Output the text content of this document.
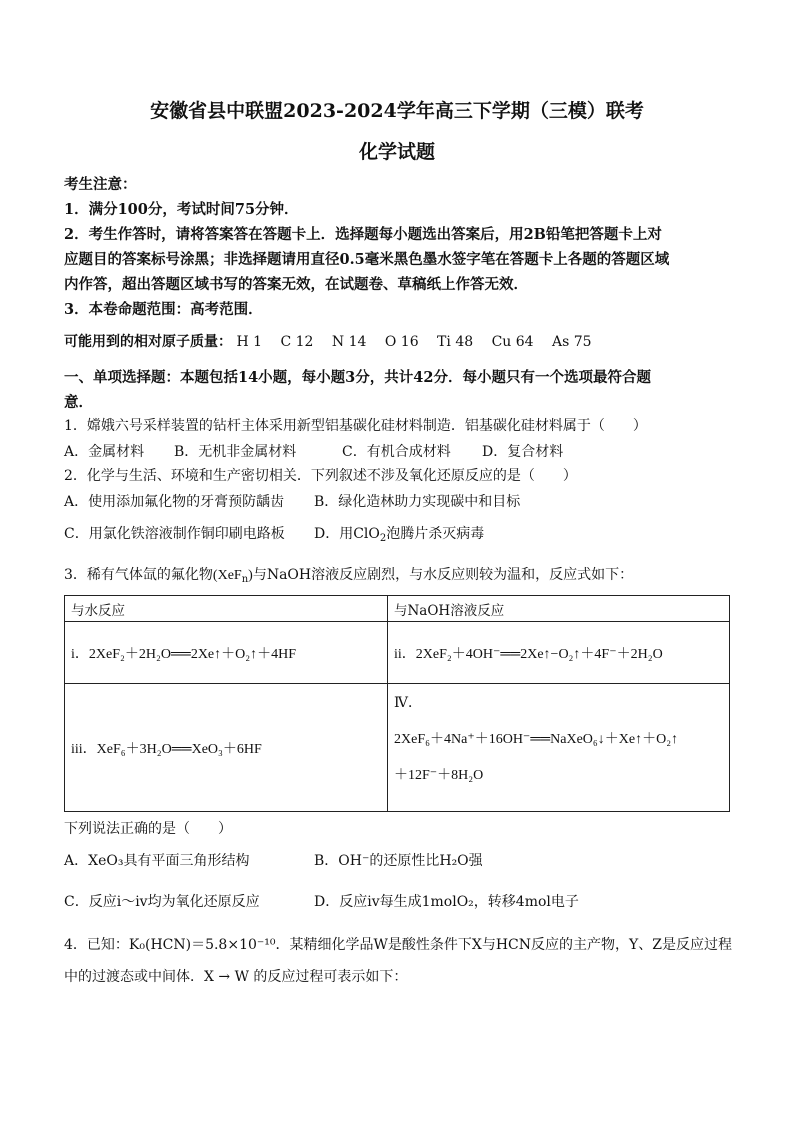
安徽省县中联盟2023-2024学年高三下学期（三模）联考
化学试题
考生注意：
1．满分100分，考试时间75分钟．
2．考生作答时，请将答案答在答题卡上．选择题每小题选出答案后，用2B铅笔把答题卡上对
应题目的答案标号涂黑；非选择题请用直径0.5毫米黑色墨水签字笔在答题卡上各题的答题区域
内作答，超出答题区域书写的答案无效，在试题卷、草稿纸上作答无效．
3．本卷命题范围：高考范围．
可能用到的相对原子质量： H 1　 C 12　 N 14　 O 16　 Ti 48　 Cu 64　 As 75
一、单项选择题：本题包括14小题，每小题3分，共计42分．每小题只有一个选项最符合题
意．
1．嫦娥六号采样装置的钻杆主体采用新型铝基碳化硅材料制造．铝基碳化硅材料属于（　　）
A．金属材料 B．无机非金属材料	C．有机合成材料 D．复合材料
2．化学与生活、环境和生产密切相关．下列叙述不涉及氧化还原反应的是（　　）
A．使用添加氟化物的牙膏预防龋齿 B．绿化造林助力实现碳中和目标
C．用氯化铁溶液制作铜印刷电路板 D．用ClO$_2$泡腾片杀灭病毒
3．稀有气体氙的氟化物(XeF$_n$)与NaOH溶液反应剧烈，与水反应则较为温和，反应式如下：
与水反应	与NaOH溶液反应
i．2XeF₂＋2H₂O══2Xe↑＋O₂↑＋4HF	ii．2XeF₂＋4OH⁻══2Xe↑−O₂↑＋4F⁻＋2H₂O
iii．XeF₆＋3H₂O══XeO₃＋6HF	Ⅳ．
2XeF₆＋4Na⁺＋16OH⁻══NaXeO₆↓＋Xe↑＋O₂↑
＋12F⁻＋8H₂O
下列说法正确的是（　　）
A．XeO₃具有平面三角形结构	B．OH⁻的还原性比H₂O强
C．反应i～iv均为氧化还原反应	D．反应iv每生成1molO₂，转移4mol电子
4．已知：K₀(HCN)＝5.8×10⁻¹⁰．某精细化学品W是酸性条件下X与HCN反应的主产物，Y、Z是反应过程
中的过渡态或中间体．X → W 的反应过程可表示如下：
